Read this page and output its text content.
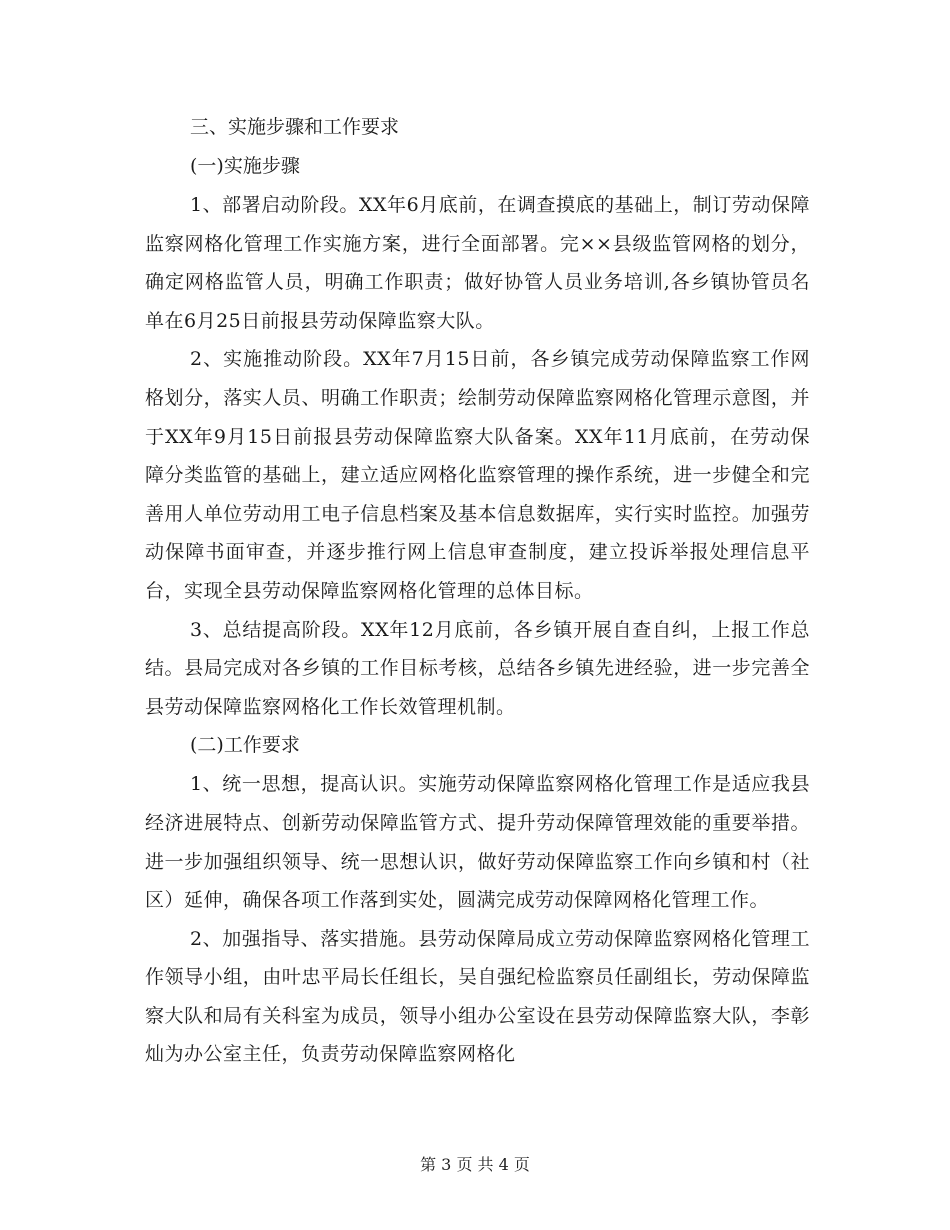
三、实施步骤和工作要求

(一)实施步骤

1、部署启动阶段。XX年6月底前，在调查摸底的基础上，制订劳动保障监察网格化管理工作实施方案，进行全面部署。完××县级监管网格的划分，确定网格监管人员，明确工作职责；做好协管人员业务培训,各乡镇协管员名单在6月25日前报县劳动保障监察大队。

2、实施推动阶段。XX年7月15日前，各乡镇完成劳动保障监察工作网格划分，落实人员、明确工作职责；绘制劳动保障监察网格化管理示意图，并于XX年9月15日前报县劳动保障监察大队备案。XX年11月底前，在劳动保障分类监管的基础上，建立适应网格化监察管理的操作系统，进一步健全和完善用人单位劳动用工电子信息档案及基本信息数据库，实行实时监控。加强劳动保障书面审查，并逐步推行网上信息审查制度，建立投诉举报处理信息平台，实现全县劳动保障监察网格化管理的总体目标。

3、总结提高阶段。XX年12月底前，各乡镇开展自查自纠，上报工作总结。县局完成对各乡镇的工作目标考核，总结各乡镇先进经验，进一步完善全县劳动保障监察网格化工作长效管理机制。

(二)工作要求

1、统一思想，提高认识。实施劳动保障监察网格化管理工作是适应我县经济进展特点、创新劳动保障监管方式、提升劳动保障管理效能的重要举措。进一步加强组织领导、统一思想认识，做好劳动保障监察工作向乡镇和村（社区）延伸，确保各项工作落到实处，圆满完成劳动保障网格化管理工作。

2、加强指导、落实措施。县劳动保障局成立劳动保障监察网格化管理工作领导小组，由叶忠平局长任组长，吴自强纪检监察员任副组长，劳动保障监察大队和局有关科室为成员，领导小组办公室设在县劳动保障监察大队，李彰灿为办公室主任，负责劳动保障监察网格化

第 3 页 共 4 页
